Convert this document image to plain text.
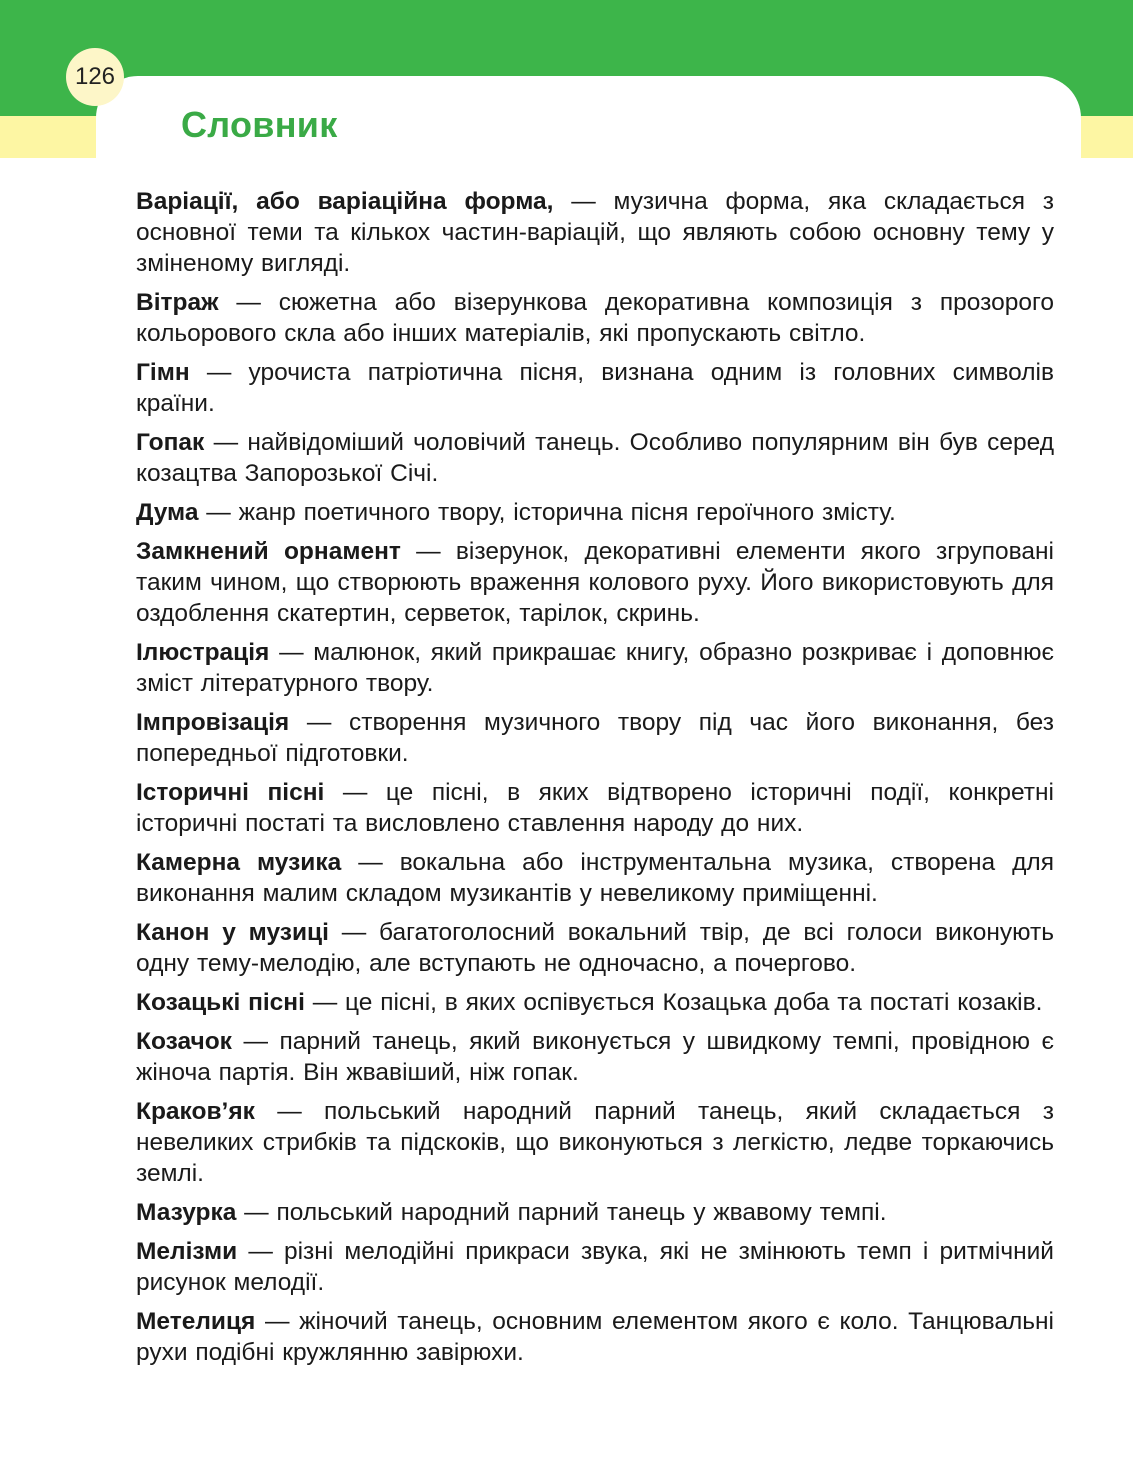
126
Словник

Варіації, або варіаційна форма, — музична форма, яка складається з основної теми та кількох частин-варіацій, що являють собою основну тему у зміненому вигляді.

Вітраж — сюжетна або візерункова декоративна композиція з прозорого кольорового скла або інших матеріалів, які пропускають світло.

Гімн — урочиста патріотична пісня, визнана одним із головних символів країни.

Гопак — найвідоміший чоловічий танець. Особливо популярним він був серед козацтва Запорозької Січі.

Дума — жанр поетичного твору, історична пісня героїчного змісту.

Замкнений орнамент — візерунок, декоративні елементи якого згруповані таким чином, що створюють враження колового руху. Його використовують для оздоблення скатертин, серветок, тарілок, скринь.

Ілюстрація — малюнок, який прикрашає книгу, образно розкриває і доповнює зміст літературного твору.

Імпровізація — створення музичного твору під час його виконання, без попередньої підготовки.

Історичні пісні — це пісні, в яких відтворено історичні події, конкретні історичні постаті та висловлено ставлення народу до них.

Камерна музика — вокальна або інструментальна музика, створена для виконання малим складом музикантів у невеликому приміщенні.

Канон у музиці — багатоголосний вокальний твір, де всі голоси виконують одну тему-мелодію, але вступають не одночасно, а почергово.

Козацькі пісні — це пісні, в яких оспівується Козацька доба та постаті козаків.

Козачок — парний танець, який виконується у швидкому темпі, провідною є жіноча партія. Він жвавіший, ніж гопак.

Краков’як — польський народний парний танець, який складається з невеликих стрибків та підскоків, що виконуються з легкістю, ледве торкаючись землі.

Мазурка — польський народний парний танець у жвавому темпі.

Мелізми — різні мелодійні прикраси звука, які не змінюють темп і ритмічний рисунок мелодії.

Метелиця — жіночий танець, основним елементом якого є коло. Танцювальні рухи подібні кружлянню завірюхи.
